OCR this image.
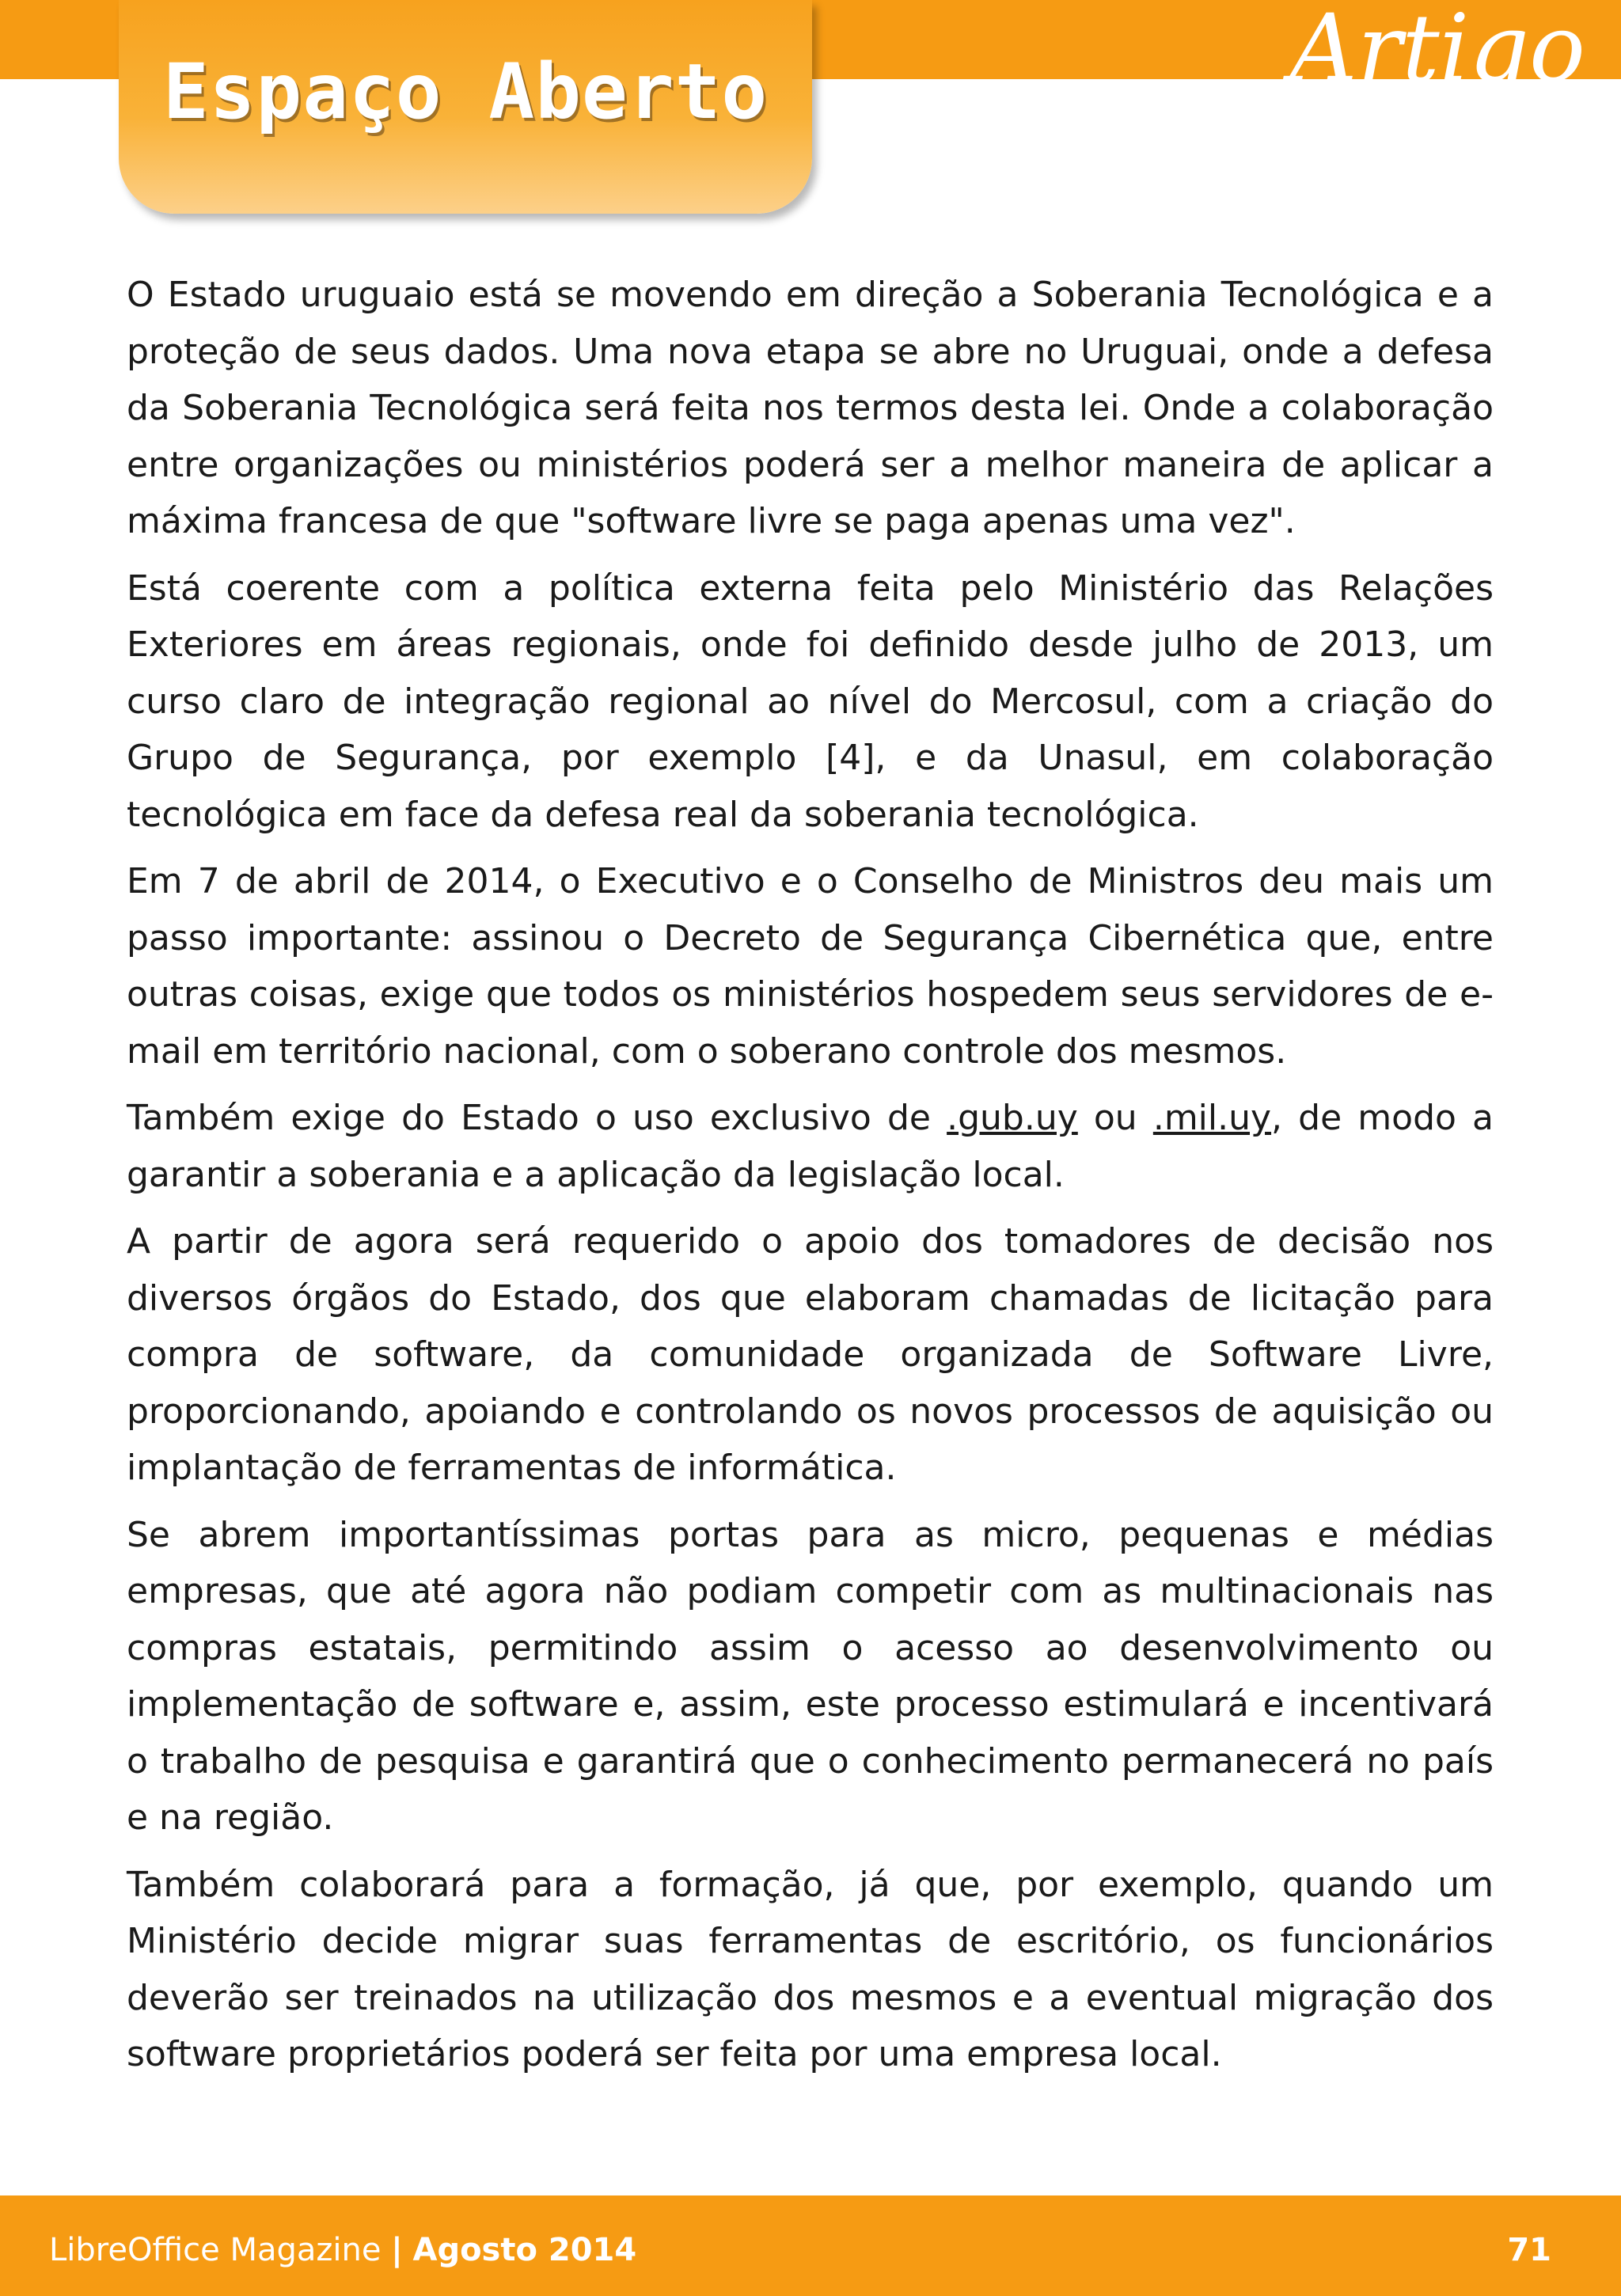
Artigo

Espaço Aberto

O Estado uruguaio está se movendo em direção a Soberania Tecnológica e a proteção de seus dados. Uma nova etapa se abre no Uruguai, onde a defesa da Soberania Tecnológica será feita nos termos desta lei. Onde a colaboração entre organizações ou ministérios poderá ser a melhor maneira de aplicar a máxima francesa de que "software livre se paga apenas uma vez".

Está coerente com a política externa feita pelo Ministério das Relações Exteriores em áreas regionais, onde foi definido desde julho de 2013, um curso claro de integração regional ao nível do Mercosul, com a criação do Grupo de Segurança, por exemplo [4], e da Unasul, em colaboração tecnológica em face da defesa real da soberania tecnológica.

Em 7 de abril de 2014, o Executivo e o Conselho de Ministros deu mais um passo importante: assinou o Decreto de Segurança Cibernética que, entre outras coisas, exige que todos os ministérios hospedem seus servidores de e-mail em território nacional, com o soberano controle dos mesmos.

Também exige do Estado o uso exclusivo de .gub.uy ou .mil.uy, de modo a garantir a soberania e a aplicação da legislação local.

A partir de agora será requerido o apoio dos tomadores de decisão nos diversos órgãos do Estado, dos que elaboram chamadas de licitação para compra de software, da comunidade organizada de Software Livre, proporcionando, apoiando e controlando os novos processos de aquisição ou implantação de ferramentas de informática.

Se abrem importantíssimas portas para as micro, pequenas e médias empresas, que até agora não podiam competir com as multinacionais nas compras estatais, permitindo assim o acesso ao desenvolvimento ou implementação de software e, assim, este processo estimulará e incentivará o trabalho de pesquisa e garantirá que o conhecimento permanecerá no país e na região.

Também colaborará para a formação, já que, por exemplo, quando um Ministério decide migrar suas ferramentas de escritório, os funcionários deverão ser treinados na utilização dos mesmos e a eventual migração dos software proprietários poderá ser feita por uma empresa local.

LibreOffice Magazine | Agosto 2014	71
